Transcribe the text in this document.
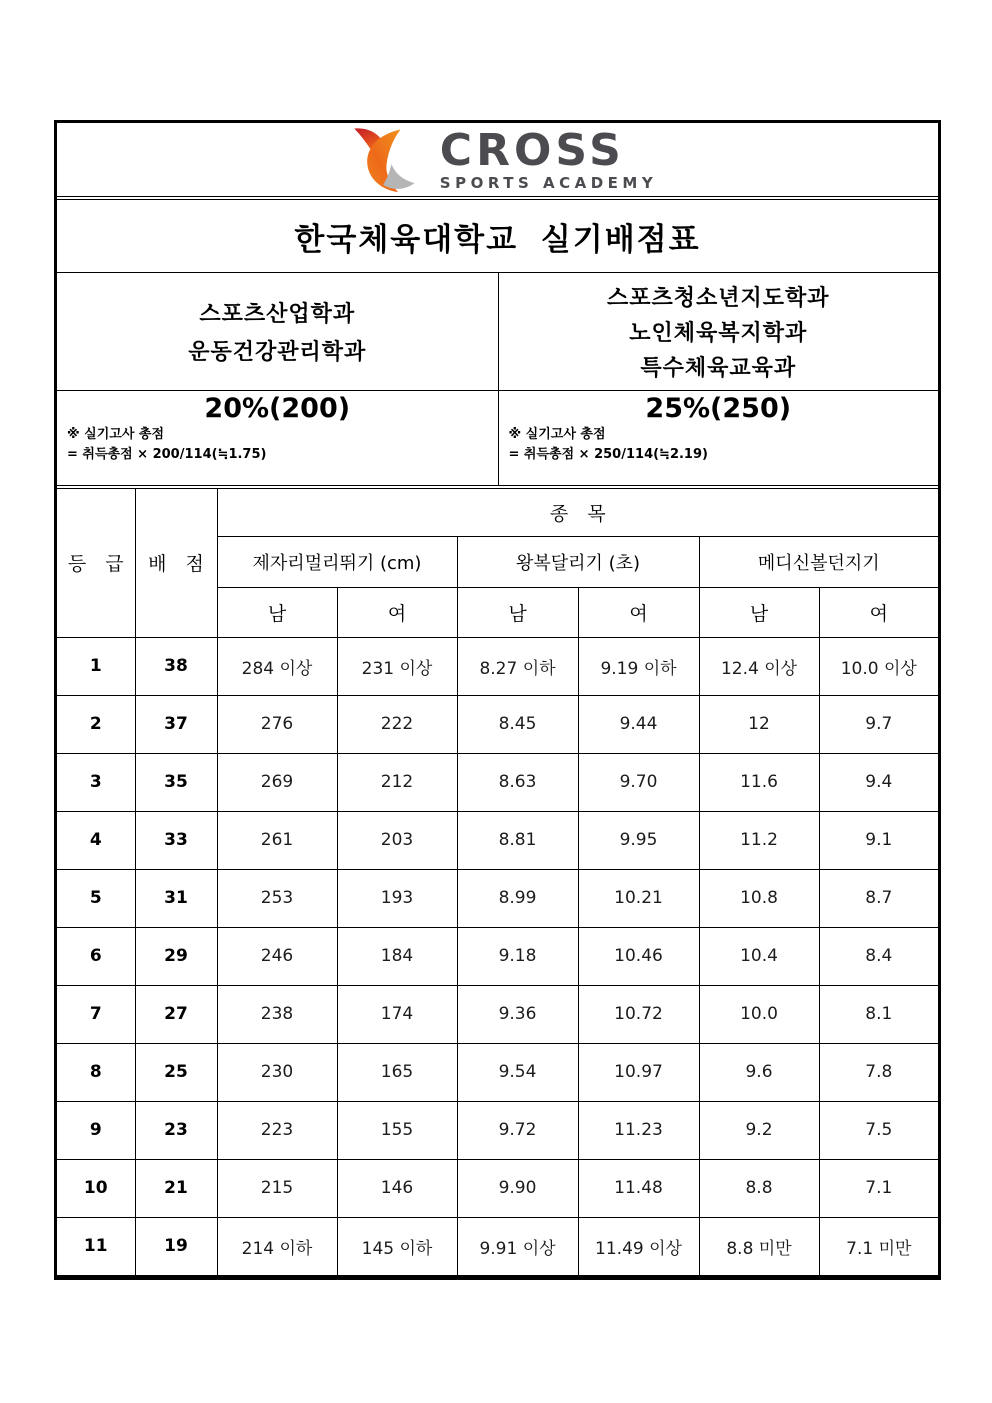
CROSS
SPORTS ACADEMY
한국체육대학교 실기배점표
스포츠산업학과
운동건강관리학과
스포츠청소년지도학과
노인체육복지학과
특수체육교육과
20%(200)
※ 실기고사 총점
= 취득총점 × 200/114(≒1.75)
25%(250)
※ 실기고사 총점
= 취득총점 × 250/114(≒2.19)
등　급	배　점	종　목					
		제자리멀리뛰기 (cm)		왕복달리기 (초)		메디신볼던지기	
		남	여	남	여	남	여
1	38	284 이상	231 이상	8.27 이하	9.19 이하	12.4 이상	10.0 이상
2	37	276	222	8.45	9.44	12	9.7
3	35	269	212	8.63	9.70	11.6	9.4
4	33	261	203	8.81	9.95	11.2	9.1
5	31	253	193	8.99	10.21	10.8	8.7
6	29	246	184	9.18	10.46	10.4	8.4
7	27	238	174	9.36	10.72	10.0	8.1
8	25	230	165	9.54	10.97	9.6	7.8
9	23	223	155	9.72	11.23	9.2	7.5
10	21	215	146	9.90	11.48	8.8	7.1
11	19	214 이하	145 이하	9.91 이상	11.49 이상	8.8 미만	7.1 미만
